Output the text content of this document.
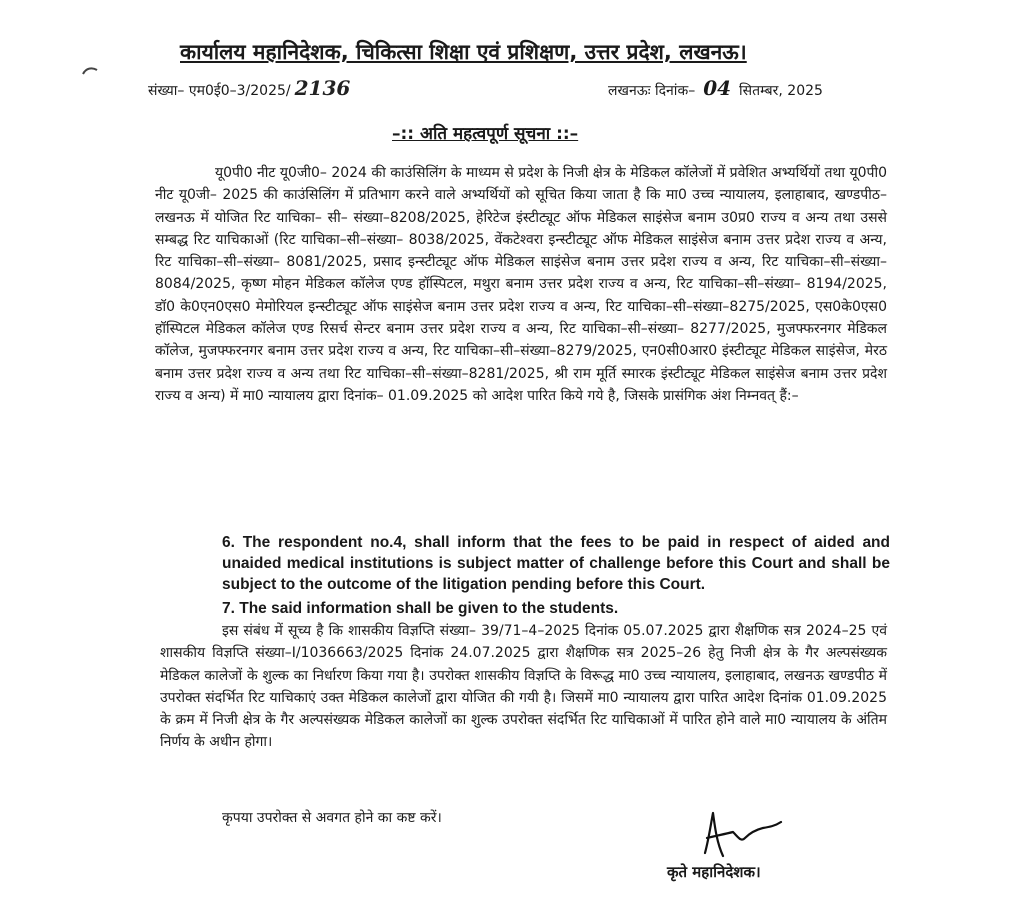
कार्यालय महानिदेशक, चिकित्सा शिक्षा एवं प्रशिक्षण, उत्तर प्रदेश, लखनऊ।
संख्या– एम0ई0–3/2025/ 2136	लखनऊः दिनांक– 04 सितम्बर, 2025
–:: अति महत्वपूर्ण सूचना ::–
यू0पी0 नीट यू0जी0– 2024 की काउंसिलिंग के माध्यम से प्रदेश के निजी क्षेत्र के मेडिकल कॉलेजों में प्रवेशित अभ्यर्थियों तथा यू0पी0 नीट यू0जी– 2025 की काउंसिलिंग में प्रतिभाग करने वाले अभ्यर्थियों को सूचित किया जाता है कि मा0 उच्च न्यायालय, इलाहाबाद, खण्डपीठ–लखनऊ में योजित रिट याचिका– सी– संख्या–8208/2025, हेरिटेज इंस्टीट्यूट ऑफ मेडिकल साइंसेज बनाम उ0प्र0 राज्य व अन्य तथा उससे सम्बद्ध रिट याचिकाओं (रिट याचिका–सी–संख्या– 8038/2025, वेंकटेश्वरा इन्स्टीट्यूट ऑफ मेडिकल साइंसेज बनाम उत्तर प्रदेश राज्य व अन्य, रिट याचिका–सी–संख्या– 8081/2025, प्रसाद इन्स्टीट्यूट ऑफ मेडिकल साइंसेज बनाम उत्तर प्रदेश राज्य व अन्य, रिट याचिका–सी–संख्या– 8084/2025, कृष्ण मोहन मेडिकल कॉलेज एण्ड हॉस्पिटल, मथुरा बनाम उत्तर प्रदेश राज्य व अन्य, रिट याचिका–सी–संख्या– 8194/2025, डॉ0 के0एन0एस0 मेमोरियल इन्स्टीट्यूट ऑफ साइंसेज बनाम उत्तर प्रदेश राज्य व अन्य, रिट याचिका–सी–संख्या–8275/2025, एस0के0एस0 हॉस्पिटल मेडिकल कॉलेज एण्ड रिसर्च सेन्टर बनाम उत्तर प्रदेश राज्य व अन्य, रिट याचिका–सी–संख्या– 8277/2025, मुजफ्फरनगर मेडिकल कॉलेज, मुजफ्फरनगर बनाम उत्तर प्रदेश राज्य व अन्य, रिट याचिका–सी–संख्या–8279/2025, एन0सी0आर0 इंस्टीट्यूट मेडिकल साइंसेज, मेरठ बनाम उत्तर प्रदेश राज्य व अन्य तथा रिट याचिका–सी–संख्या–8281/2025, श्री राम मूर्ति स्मारक इंस्टीट्यूट मेडिकल साइंसेज बनाम उत्तर प्रदेश राज्य व अन्य) में मा0 न्यायालय द्वारा दिनांक– 01.09.2025 को आदेश पारित किये गये है, जिसके प्रासंगिक अंश निम्नवत् हैं:–
6. The respondent no.4, shall inform that the fees to be paid in respect of aided and unaided medical institutions is subject matter of challenge before this Court and shall be subject to the outcome of the litigation pending before this Court.
7. The said information shall be given to the students.
इस संबंध में सूच्य है कि शासकीय विज्ञप्ति संख्या– 39/71–4–2025 दिनांक 05.07.2025 द्वारा शैक्षणिक सत्र 2024–25 एवं शासकीय विज्ञप्ति संख्या–I/1036663/2025 दिनांक 24.07.2025 द्वारा शैक्षणिक सत्र 2025–26 हेतु निजी क्षेत्र के गैर अल्पसंख्यक मेडिकल कालेजों के शुल्क का निर्धारण किया गया है। उपरोक्त शासकीय विज्ञप्ति के विरूद्ध मा0 उच्च न्यायालय, इलाहाबाद, लखनऊ खण्डपीठ में उपरोक्त संदर्भित रिट याचिकाएं उक्त मेडिकल कालेजों द्वारा योजित की गयी है। जिसमें मा0 न्यायालय द्वारा पारित आदेश दिनांक 01.09.2025 के क्रम में निजी क्षेत्र के गैर अल्पसंख्यक मेडिकल कालेजों का शुल्क उपरोक्त संदर्भित रिट याचिकाओं में पारित होने वाले मा0 न्यायालय के अंतिम निर्णय के अधीन होगा।
कृपया उपरोक्त से अवगत होने का कष्ट करें।
कृते महानिदेशक।
